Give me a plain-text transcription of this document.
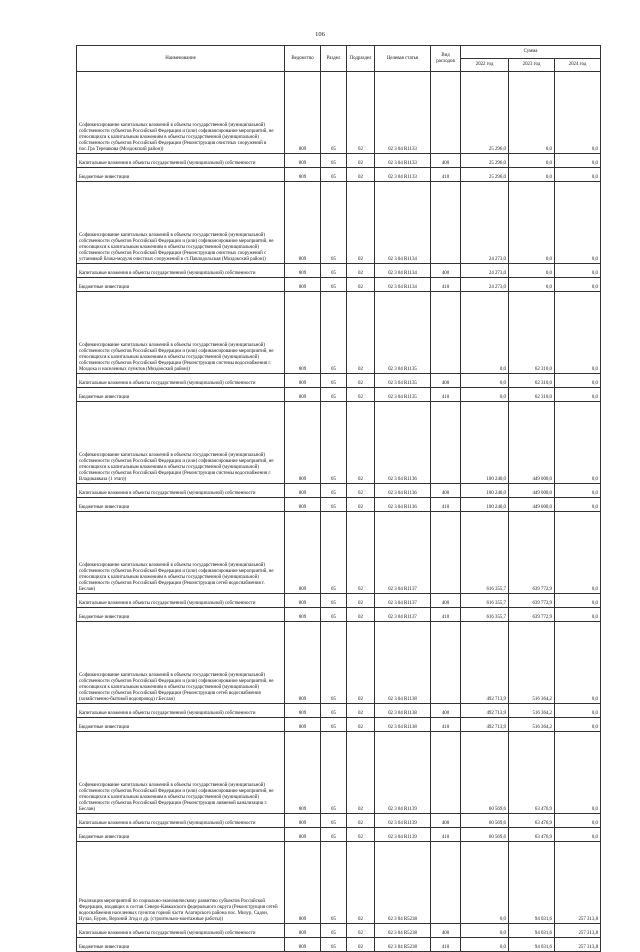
106
Наименование	Ведомство	Раздел	Подраздел	Целевая статья	Вид расходов	Сумма		
						2022 год	2023 год	2024 год
Софинансирование капитальных вложений в объекты государственной (муниципальной) собственности субъектов Российской Федерации и (или) софинансирование мероприятий, не относящихся к капитальным вложениям в объекты государственной (муниципальной) собственности субъектов Российской Федерации (Реконструкция очистных сооружений в пос.Гра Терешкова (Моздокский район))	809	05	02	02 3 04 R1133		25 296,0	0,0	0,0
Капитальные вложения в объекты государственной (муниципальной) собственности	809	05	02	02 3 04 R1133	400	25 296,0	0,0	0,0
Бюджетные инвестиции	809	05	02	02 3 04 R1133	410	25 296,0	0,0	0,0
Софинансирование капитальных вложений в объекты государственной (муниципальной) собственности субъектов Российской Федерации и (или) софинансирование мероприятий, не относящихся к капитальным вложениям в объекты государственной (муниципальной) собственности субъектов Российской Федерации (Реконструкция очистных сооружений с установкой блока-модуля очистных сооружений в ст.Павлодольская (Моздокский район))	809	05	02	02 3 04 R1134		24 273,0	0,0	0,0
Капитальные вложения в объекты государственной (муниципальной) собственности	809	05	02	02 3 04 R1134	400	24 273,0	0,0	0,0
Бюджетные инвестиции	809	05	02	02 3 04 R1134	410	24 273,0	0,0	0,0
Софинансирование капитальных вложений в объекты государственной (муниципальной) собственности субъектов Российской Федерации и (или) софинансирование мероприятий, не относящихся к капитальным вложениям в объекты государственной (муниципальной) собственности субъектов Российской Федерации (Реконструкция системы водоснабжения г. Моздока и населенных пунктов (Моздокский район))	809	05	02	02 3 04 R1135		0,0	62 310,0	0,0
Капитальные вложения в объекты государственной (муниципальной) собственности	809	05	02	02 3 04 R1135	400	0,0	62 310,0	0,0
Бюджетные инвестиции	809	05	02	02 3 04 R1135	410	0,0	62 310,0	0,0
Софинансирование капитальных вложений в объекты государственной (муниципальной) собственности субъектов Российской Федерации и (или) софинансирование мероприятий, не относящихся к капитальным вложениям в объекты государственной (муниципальной) собственности субъектов Российской Федерации (Реконструкция системы водоснабжения г. Владикавказа (1 этап))	809	05	02	02 3 04 R1136		100 240,0	449 000,0	0,0
Капитальные вложения в объекты государственной (муниципальной) собственности	809	05	02	02 3 04 R1136	400	100 240,0	449 000,0	0,0
Бюджетные инвестиции	809	05	02	02 3 04 R1136	410	100 240,0	449 000,0	0,0
Софинансирование капитальных вложений в объекты государственной (муниципальной) собственности субъектов Российской Федерации и (или) софинансирование мероприятий, не относящихся к капитальным вложениям в объекты государственной (муниципальной) собственности субъектов Российской Федерации (Реконструкция сетей водоснабжения г. Беслан)	809	05	02	02 3 04 R1137		616 355,7	639 772,9	0,0
Капитальные вложения в объекты государственной (муниципальной) собственности	809	05	02	02 3 04 R1137	400	616 355,7	639 772,9	0,0
Бюджетные инвестиции	809	05	02	02 3 04 R1137	410	616 355,7	639 772,9	0,0
Софинансирование капитальных вложений в объекты государственной (муниципальной) собственности субъектов Российской Федерации и (или) софинансирование мероприятий, не относящихся к капитальным вложениям в объекты государственной (муниципальной) собственности субъектов Российской Федерации (Реконструкция сетей водоснабжения (хозяйственно-бытовой водопровод) г.Беслан)	809	05	02	02 3 04 R1138		492 713,9	516 364,2	0,0
Капитальные вложения в объекты государственной (муниципальной) собственности	809	05	02	02 3 04 R1138	400	492 713,9	516 364,2	0,0
Бюджетные инвестиции	809	05	02	02 3 04 R1138	410	492 713,9	516 364,2	0,0
Софинансирование капитальных вложений в объекты государственной (муниципальной) собственности субъектов Российской Федерации и (или) софинансирование мероприятий, не относящихся к капитальным вложениям в объекты государственной (муниципальной) собственности субъектов Российской Федерации (Реконструкция ливневой канализации г. Беслан)	809	05	02	02 3 04 R1139		60 569,6	63 476,9	0,0
Капитальные вложения в объекты государственной (муниципальной) собственности	809	05	02	02 3 04 R1139	400	60 569,6	63 476,9	0,0
Бюджетные инвестиции	809	05	02	02 3 04 R1139	410	60 569,6	63 476,9	0,0
Реализация мероприятий по социально-экономическому развитию субъектов Российской Федерации, входящих в состав Северо-Кавказского федерального округа (Реконструкция сетей водоснабжения населенных пунктов горной части Алагирского района пос. Мизур, Садон, Нузал, Бурон, Верхний Згид и др. (строительно-монтажные работы))	809	05	02	02 3 04 R5238		0,0	94 031,6	257 313,8
Капитальные вложения в объекты государственной (муниципальной) собственности	809	05	02	02 3 04 R5238	400	0,0	94 031,6	257 313,8
Бюджетные инвестиции	809	05	02	02 3 04 R5238	410	0,0	94 031,6	257 313,8
